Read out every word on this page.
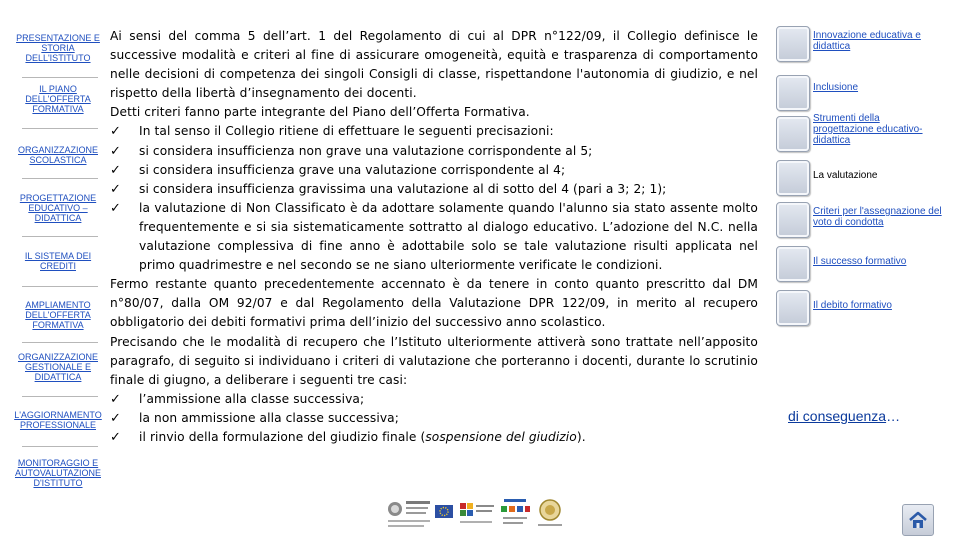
PRESENTAZIONE E
STORIA
DELL'ISTITUTO
IL PIANO
DELL'OFFERTA
FORMATIVA
ORGANIZZAZIONE
SCOLASTICA
PROGETTAZIONE
EDUCATIVO –
DIDATTICA
IL SISTEMA DEI
CREDITI
AMPLIAMENTO
DELL'OFFERTA
FORMATIVA
ORGANIZZAZIONE
GESTIONALE E
DIDATTICA
L'AGGIORNAMENTO
PROFESSIONALE
MONITORAGGIO E
AUTOVALUTAZIONE
D'ISTITUTO

Ai sensi del comma 5 dell’art. 1 del Regolamento di cui al DPR n°122/09, il Collegio definisce le successive modalità e criteri al fine di assicurare omogeneità, equità e trasparenza di comportamento nelle decisioni di competenza dei singoli Consigli di classe, rispettandone l'autonomia di giudizio, e nel rispetto della libertà d’insegnamento dei docenti.

Detti criteri fanno parte integrante del Piano dell’Offerta Formativa.

✓	In tal senso il Collegio ritiene di effettuare le seguenti precisazioni:
✓	si considera insufficienza non grave una valutazione corrispondente al 5;
✓	si considera insufficienza grave una valutazione corrispondente al 4;
✓	si considera insufficienza gravissima una valutazione al di sotto del 4 (pari a 3; 2; 1);
✓	la valutazione di Non Classificato è da adottare solamente quando l'alunno sia stato assente molto frequentemente e si sia sistematicamente sottratto al dialogo educativo. L’adozione del N.C. nella valutazione complessiva di fine anno è adottabile solo se tale valutazione risulti applicata nel primo quadrimestre e nel secondo se ne siano ulteriormente verificate le condizioni.

Fermo restante quanto precedentemente accennato è da tenere in conto quanto prescritto dal DM n°80/07, dalla OM 92/07 e dal Regolamento della Valutazione DPR 122/09, in merito al recupero obbligatorio dei debiti formativi prima dell’inizio del successivo anno scolastico.

Precisando che le modalità di recupero che l’Istituto ulteriormente attiverà sono trattate nell’apposito paragrafo, di seguito si individuano i criteri di valutazione che porteranno i docenti, durante lo scrutinio finale di giugno, a deliberare i seguenti tre casi:

✓	l’ammissione alla classe successiva;
✓	la non ammissione alla classe successiva;
✓	il rinvio della formulazione del giudizio finale (sospensione del giudizio).
Innovazione educativa e didattica
Inclusione
Strumenti della progettazione educativo-didattica
La valutazione
Criteri per l'assegnazione del voto di condotta
Il successo formativo
Il debito formativo
di conseguenza…
